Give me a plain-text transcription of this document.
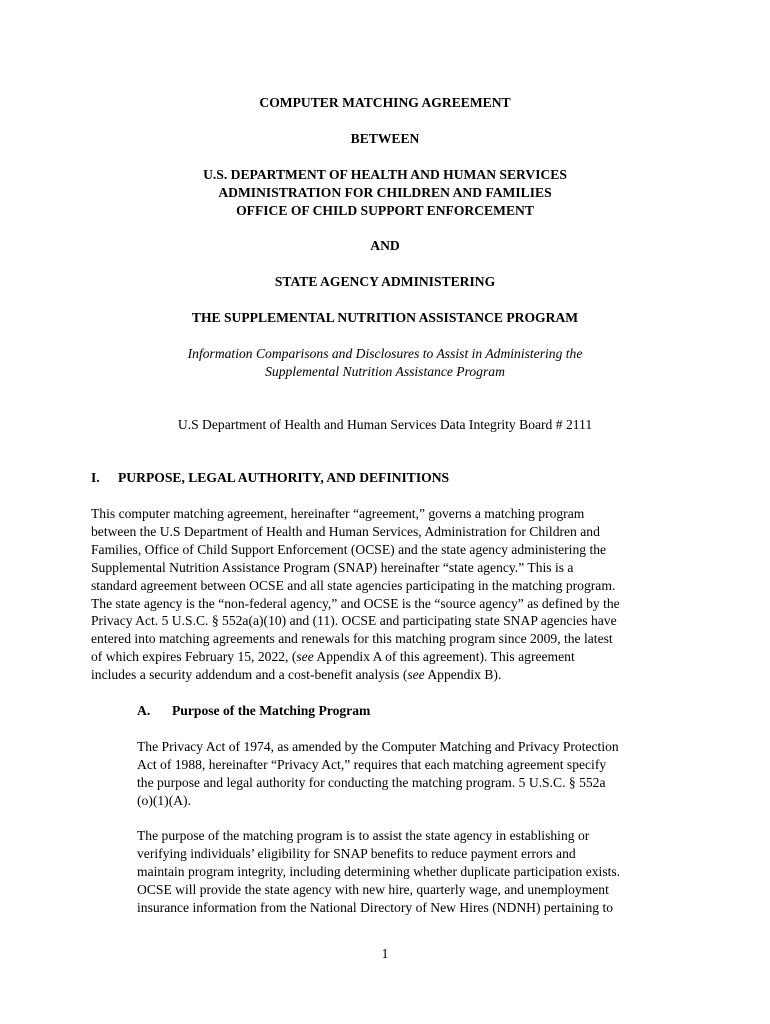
COMPUTER MATCHING AGREEMENT
BETWEEN
U.S. DEPARTMENT OF HEALTH AND HUMAN SERVICES
ADMINISTRATION FOR CHILDREN AND FAMILIES
OFFICE OF CHILD SUPPORT ENFORCEMENT
AND
STATE AGENCY ADMINISTERING
THE SUPPLEMENTAL NUTRITION ASSISTANCE PROGRAM
Information Comparisons and Disclosures to Assist in Administering the
Supplemental Nutrition Assistance Program
U.S Department of Health and Human Services Data Integrity Board # 2111
I. PURPOSE, LEGAL AUTHORITY, AND DEFINITIONS

This computer matching agreement, hereinafter “agreement,” governs a matching program
between the U.S Department of Health and Human Services, Administration for Children and
Families, Office of Child Support Enforcement (OCSE) and the state agency administering the
Supplemental Nutrition Assistance Program (SNAP) hereinafter “state agency.” This is a
standard agreement between OCSE and all state agencies participating in the matching program.
The state agency is the “non-federal agency,” and OCSE is the “source agency” as defined by the
Privacy Act. 5 U.S.C. § 552a(a)(10) and (11). OCSE and participating state SNAP agencies have
entered into matching agreements and renewals for this matching program since 2009, the latest
of which expires February 15, 2022, (see Appendix A of this agreement). This agreement
includes a security addendum and a cost-benefit analysis (see Appendix B).

A. Purpose of the Matching Program

The Privacy Act of 1974, as amended by the Computer Matching and Privacy Protection
Act of 1988, hereinafter “Privacy Act,” requires that each matching agreement specify
the purpose and legal authority for conducting the matching program. 5 U.S.C. § 552a
(o)(1)(A).

The purpose of the matching program is to assist the state agency in establishing or
verifying individuals’ eligibility for SNAP benefits to reduce payment errors and
maintain program integrity, including determining whether duplicate participation exists.
OCSE will provide the state agency with new hire, quarterly wage, and unemployment
insurance information from the National Directory of New Hires (NDNH) pertaining to

1
